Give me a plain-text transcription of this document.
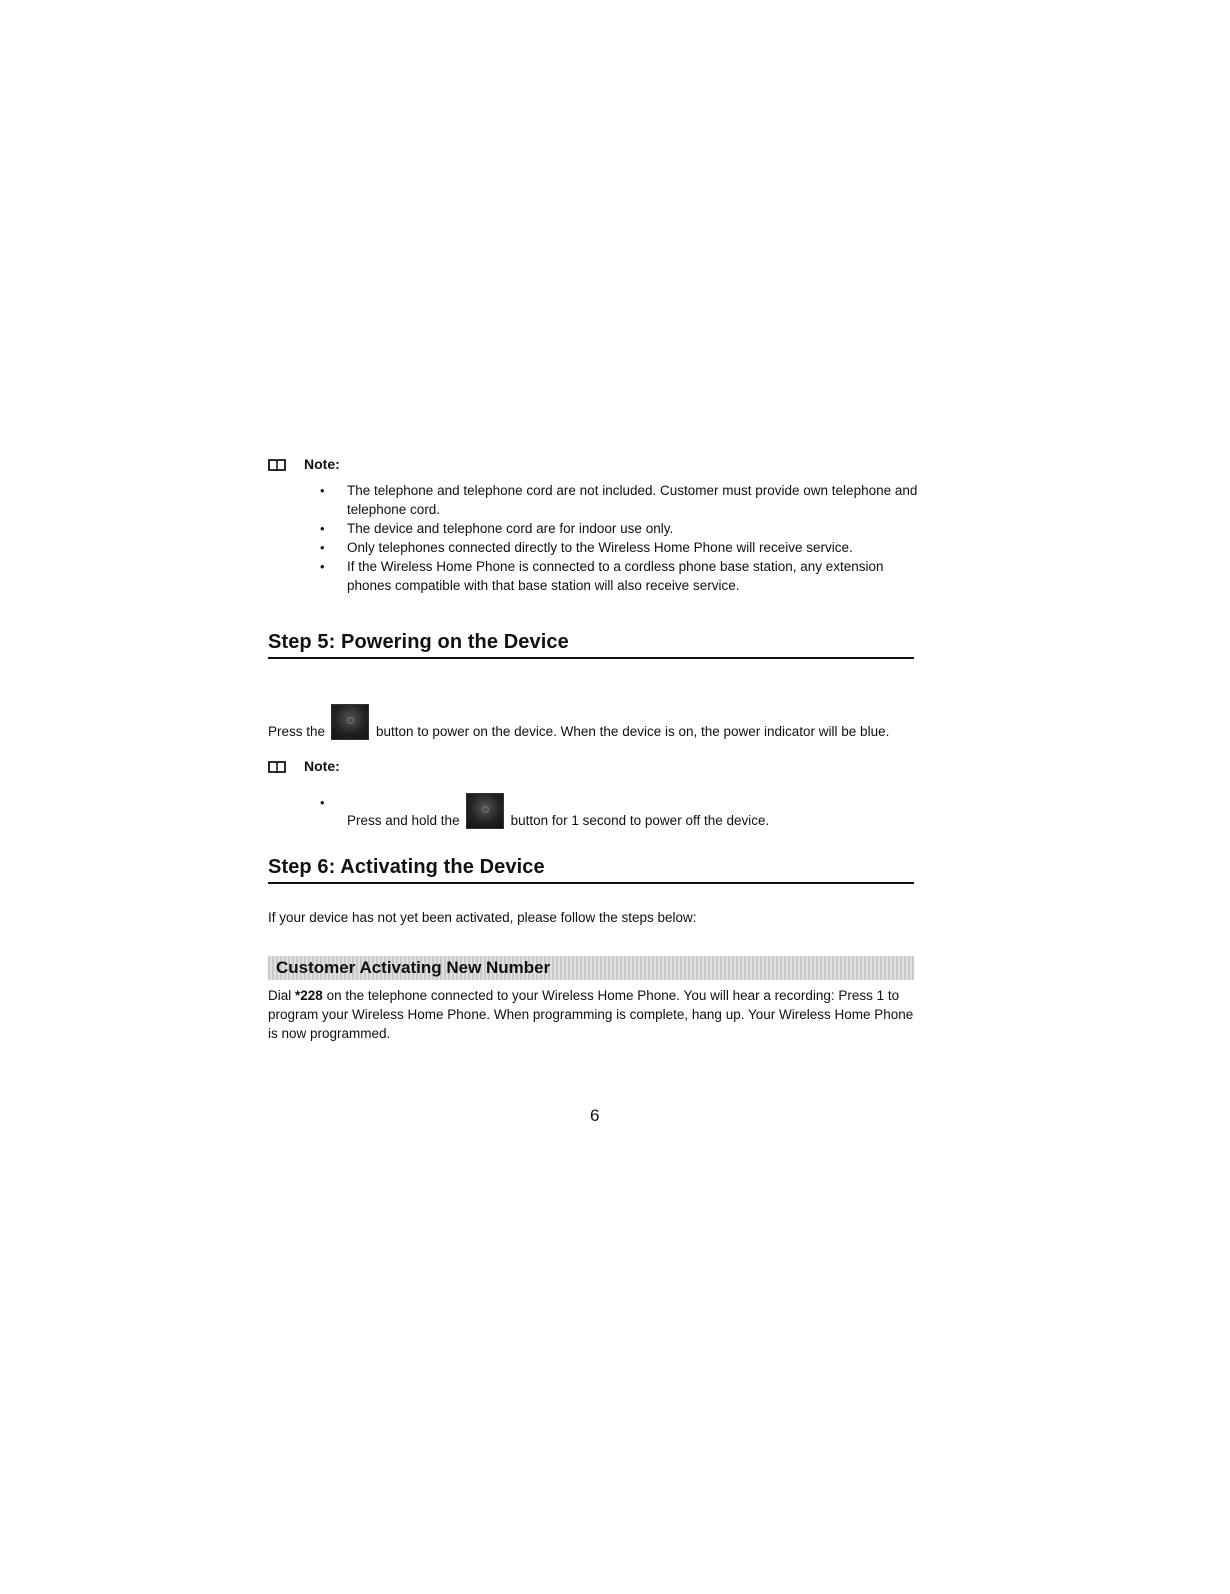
Note:
• The telephone and telephone cord are not included. Customer must provide own telephone and telephone cord.
• The device and telephone cord are for indoor use only.
• Only telephones connected directly to the Wireless Home Phone will receive service.
• If the Wireless Home Phone is connected to a cordless phone base station, any extension phones compatible with that base station will also receive service.
Step 5: Powering on the Device
Press the	button to power on the device. When the device is on, the power indicator will be blue.
Note:
• Press and hold the	button for 1 second to power off the device.
Step 6: Activating the Device
If your device has not yet been activated, please follow the steps below:
Customer Activating New Number
Dial *228 on the telephone connected to your Wireless Home Phone. You will hear a recording: Press 1 to program your Wireless Home Phone. When programming is complete, hang up. Your Wireless Home Phone is now programmed.
6
